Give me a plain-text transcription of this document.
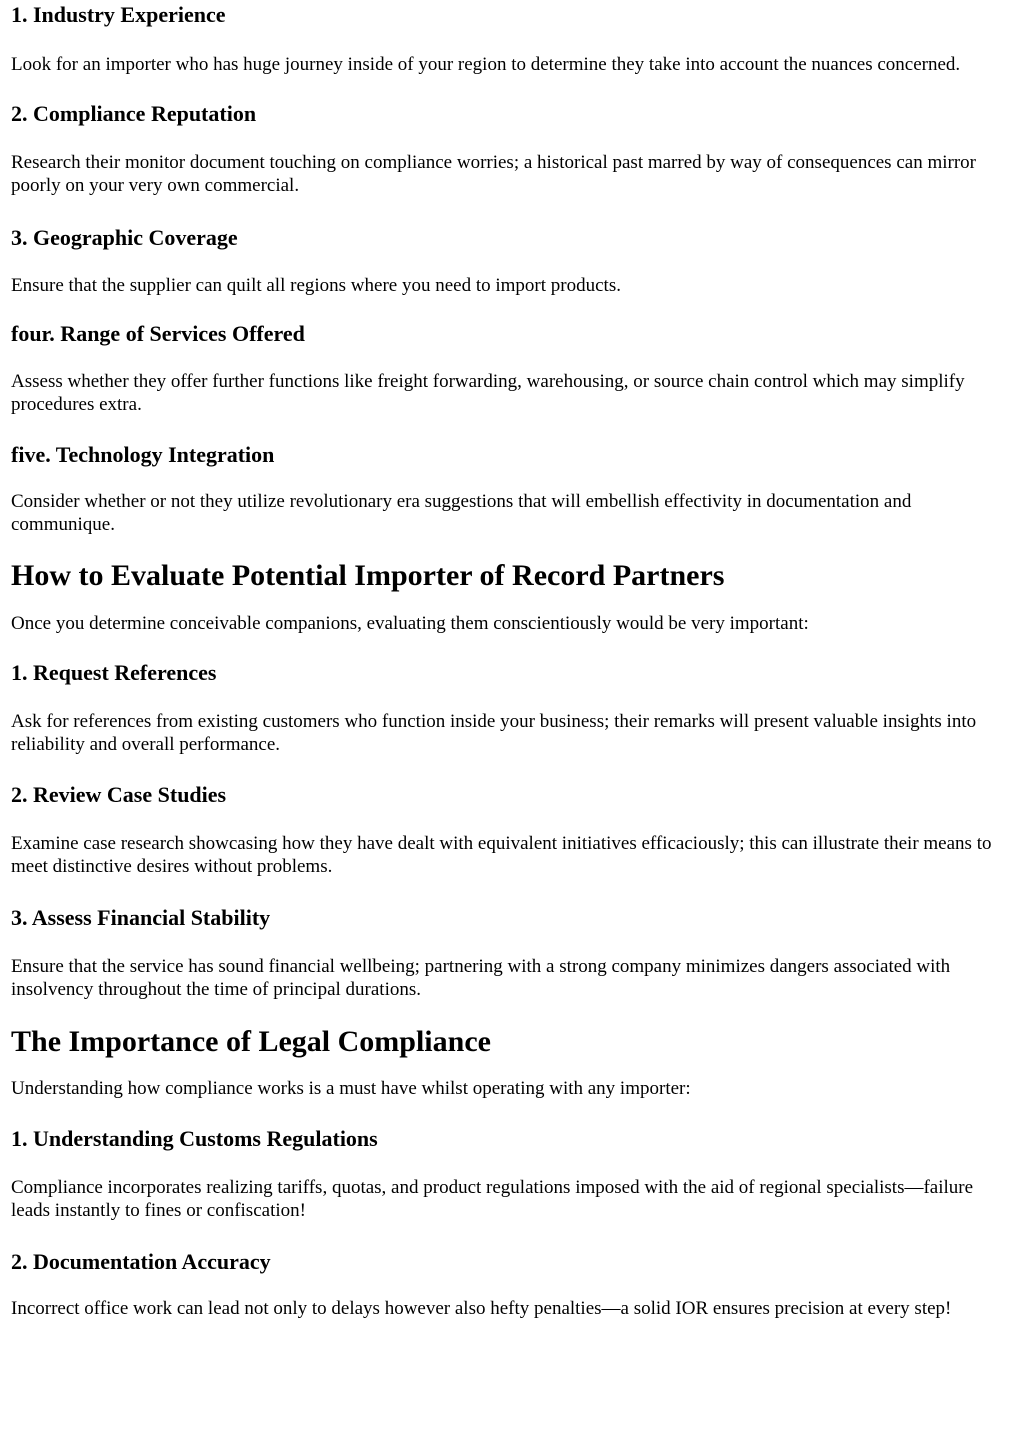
1. Industry Experience

Look for an importer who has huge journey inside of your region to determine they take into account the nuances concerned.

2. Compliance Reputation

Research their monitor document touching on compliance worries; a historical past marred by way of consequences can mirror poorly on your very own commercial.

3. Geographic Coverage

Ensure that the supplier can quilt all regions where you need to import products.

four. Range of Services Offered

Assess whether they offer further functions like freight forwarding, warehousing, or source chain control which may simplify procedures extra.

five. Technology Integration

Consider whether or not they utilize revolutionary era suggestions that will embellish effectivity in documentation and communique.

How to Evaluate Potential Importer of Record Partners

Once you determine conceivable companions, evaluating them conscientiously would be very important:

1. Request References

Ask for references from existing customers who function inside your business; their remarks will present valuable insights into reliability and overall performance.

2. Review Case Studies

Examine case research showcasing how they have dealt with equivalent initiatives efficaciously; this can illustrate their means to meet distinctive desires without problems.

3. Assess Financial Stability

Ensure that the service has sound financial wellbeing; partnering with a strong company minimizes dangers associated with insolvency throughout the time of principal durations.

The Importance of Legal Compliance

Understanding how compliance works is a must have whilst operating with any importer:

1. Understanding Customs Regulations

Compliance incorporates realizing tariffs, quotas, and product regulations imposed with the aid of regional specialists—failure leads instantly to fines or confiscation!

2. Documentation Accuracy

Incorrect office work can lead not only to delays however also hefty penalties—a solid IOR ensures precision at every step!
